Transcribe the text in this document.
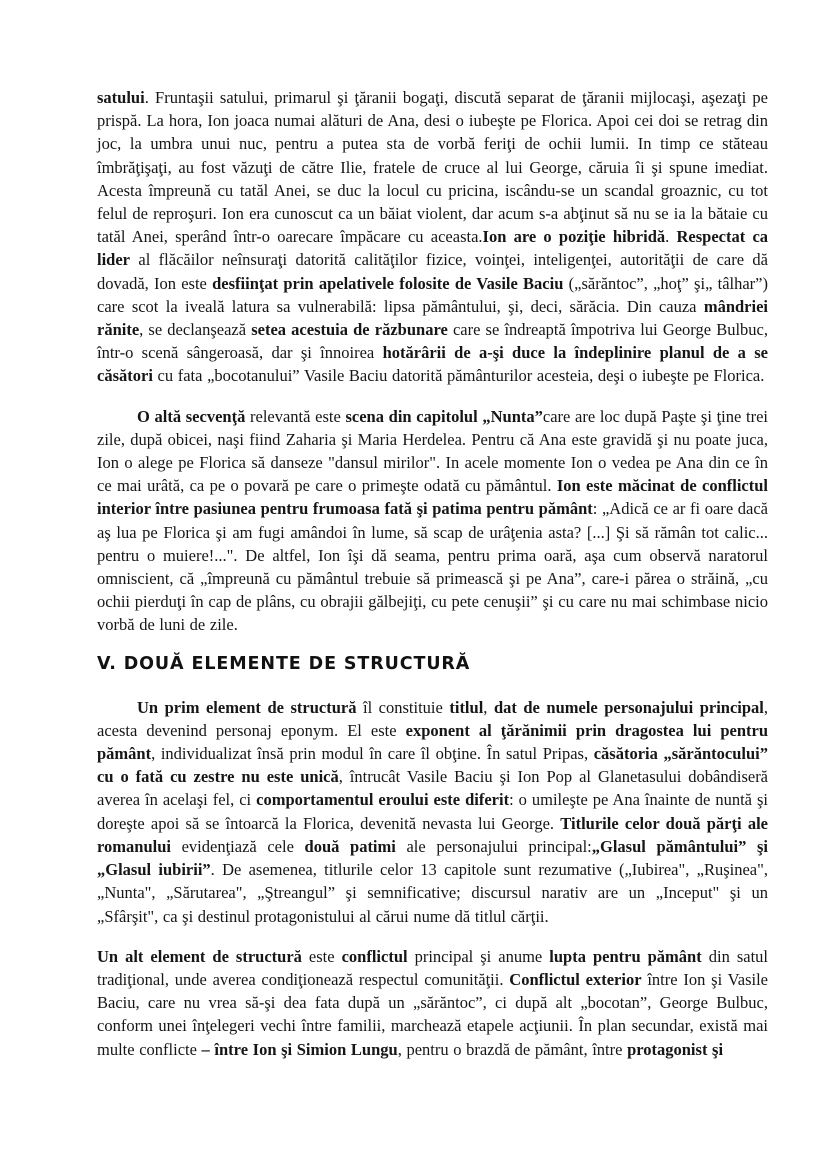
satului. Fruntaşii satului, primarul şi ţăranii bogaţi, discută separat de ţăranii mijlocaşi, aşezaţi pe prispă. La hora, Ion joaca numai alături de Ana, desi o iubeşte pe Florica. Apoi cei doi se retrag din joc, la umbra unui nuc, pentru a putea sta de vorbă feriţi de ochii lumii. In timp ce stăteau îmbrăţişaţi, au fost văzuţi de către Ilie, fratele de cruce al lui George, căruia îi şi spune imediat. Acesta împreună cu tatăl Anei, se duc la locul cu pricina, iscându-se un scandal groaznic, cu tot felul de reproşuri. Ion era cunoscut ca un băiat violent, dar acum s-a abţinut să nu se ia la bătaie cu tatăl Anei, sperând într-o oarecare împăcare cu aceasta.Ion are o poziţie hibridă. Respectat ca lider al flăcăilor neînsuraţi datorită calităţilor fizice, voinţei, inteligenţei, autorităţii de care dă dovadă, Ion este desfiinţat prin apelativele folosite de Vasile Baciu („sărăntoc”, „hoţ” şi„ tâlhar”) care scot la iveală latura sa vulnerabilă: lipsa pământului, şi, deci, sărăcia. Din cauza mândriei rănite, se declanşează setea acestuia de răzbunare care se îndreaptă împotriva lui George Bulbuc, într-o scenă sângeroasă, dar şi înnoirea hotărârii de a-şi duce la îndeplinire planul de a se căsători cu fata „bocotanului” Vasile Baciu datorită pământurilor acesteia, deşi o iubeşte pe Florica.

O altă secvenţă relevantă este scena din capitolul „Nunta”care are loc după Paşte şi ţine trei zile, după obicei, naşi fiind Zaharia şi Maria Herdelea. Pentru că Ana este gravidă şi nu poate juca, Ion o alege pe Florica să danseze "dansul mirilor". In acele momente Ion o vedea pe Ana din ce în ce mai urâtă, ca pe o povară pe care o primeşte odată cu pământul. Ion este măcinat de conflictul interior între pasiunea pentru frumoasa fată şi patima pentru pământ: „Adică ce ar fi oare dacă aş lua pe Florica şi am fugi amândoi în lume, să scap de urâţenia asta? [...] Şi să rămân tot calic... pentru o muiere!...". De altfel, Ion îşi dă seama, pentru prima oară, aşa cum observă naratorul omniscient, că „împreună cu pământul trebuie să primească şi pe Ana”, care-i părea o străină, „cu ochii pierduţi în cap de plâns, cu obrajii gălbejiţi, cu pete cenuşii” şi cu care nu mai schimbase nicio vorbă de luni de zile.

V. DOUĂ ELEMENTE DE STRUCTURĂ

Un prim element de structură îl constituie titlul, dat de numele personajului principal, acesta devenind personaj eponym. El este exponent al ţărănimii prin dragostea lui pentru pământ, individualizat însă prin modul în care îl obţine. În satul Pripas, căsătoria „sărăntocului” cu o fată cu zestre nu este unică, întrucât Vasile Baciu şi Ion Pop al Glanetasului dobândiseră averea în acelaşi fel, ci comportamentul eroului este diferit: o umileşte pe Ana înainte de nuntă şi doreşte apoi să se întoarcă la Florica, devenită nevasta lui George. Titlurile celor două părţi ale romanului evidenţiază cele două patimi ale personajului principal:„Glasul pământului” şi „Glasul iubirii”. De asemenea, titlurile celor 13 capitole sunt rezumative („Iubirea", „Ruşinea", „Nunta", „Sărutarea", „Ştreangul” şi semnificative; discursul narativ are un „Inceput" şi un „Sfârşit", ca şi destinul protagonistului al cărui nume dă titlul cărţii.

Un alt element de structură este conflictul principal şi anume lupta pentru pământ din satul tradiţional, unde averea condiţionează respectul comunităţii. Conflictul exterior între Ion şi Vasile Baciu, care nu vrea să-şi dea fata după un „sărăntoc”, ci după alt „bocotan”, George Bulbuc, conform unei înţelegeri vechi între familii, marchează etapele acţiunii. În plan secundar, există mai multe conflicte – între Ion şi Simion Lungu, pentru o brazdă de pământ, între protagonist şi
